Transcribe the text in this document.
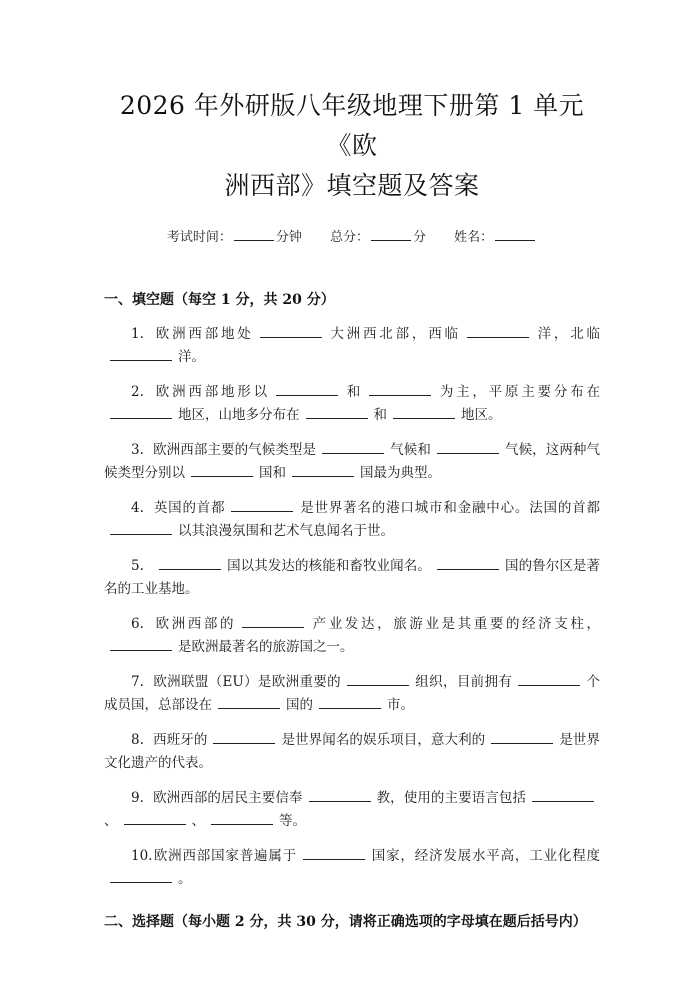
2026 年外研版八年级地理下册第 1 单元《欧
洲西部》填空题及答案
考试时间：	分钟 总分：	分 姓名：
一、填空题（每空 1 分，共 20 分）
1. 欧洲西部地处	大洲西北部，西临	洋，北临洋。
2. 欧洲西部地形以	和	为主，平原主要分布在地区，山地多分布在	和	地区。
3. 欧洲西部主要的气候类型是	气候和	气候，这两种气候类型分别以	国和	国最为典型。
4. 英国的首都	是世界著名的港口城市和金融中心。法国的首都以其浪漫氛围和艺术气息闻名于世。
5.	国以其发达的核能和畜牧业闻名。	国的鲁尔区是著名的工业基地。
6. 欧洲西部的	产业发达，旅游业是其重要的经济支柱，是欧洲最著名的旅游国之一。
7. 欧洲联盟（EU）是欧洲重要的	组织，目前拥有	个成员国，总部设在	国的	市。
8. 西班牙的	是世界闻名的娱乐项目，意大利的	是世界文化遗产的代表。
9. 欧洲西部的居民主要信奉	教，使用的主要语言包括、	、	等。
10.欧洲西部国家普遍属于	国家，经济发展水平高，工业化程度。
二、选择题（每小题 2 分，共 30 分，请将正确选项的字母填在题后括号内）
